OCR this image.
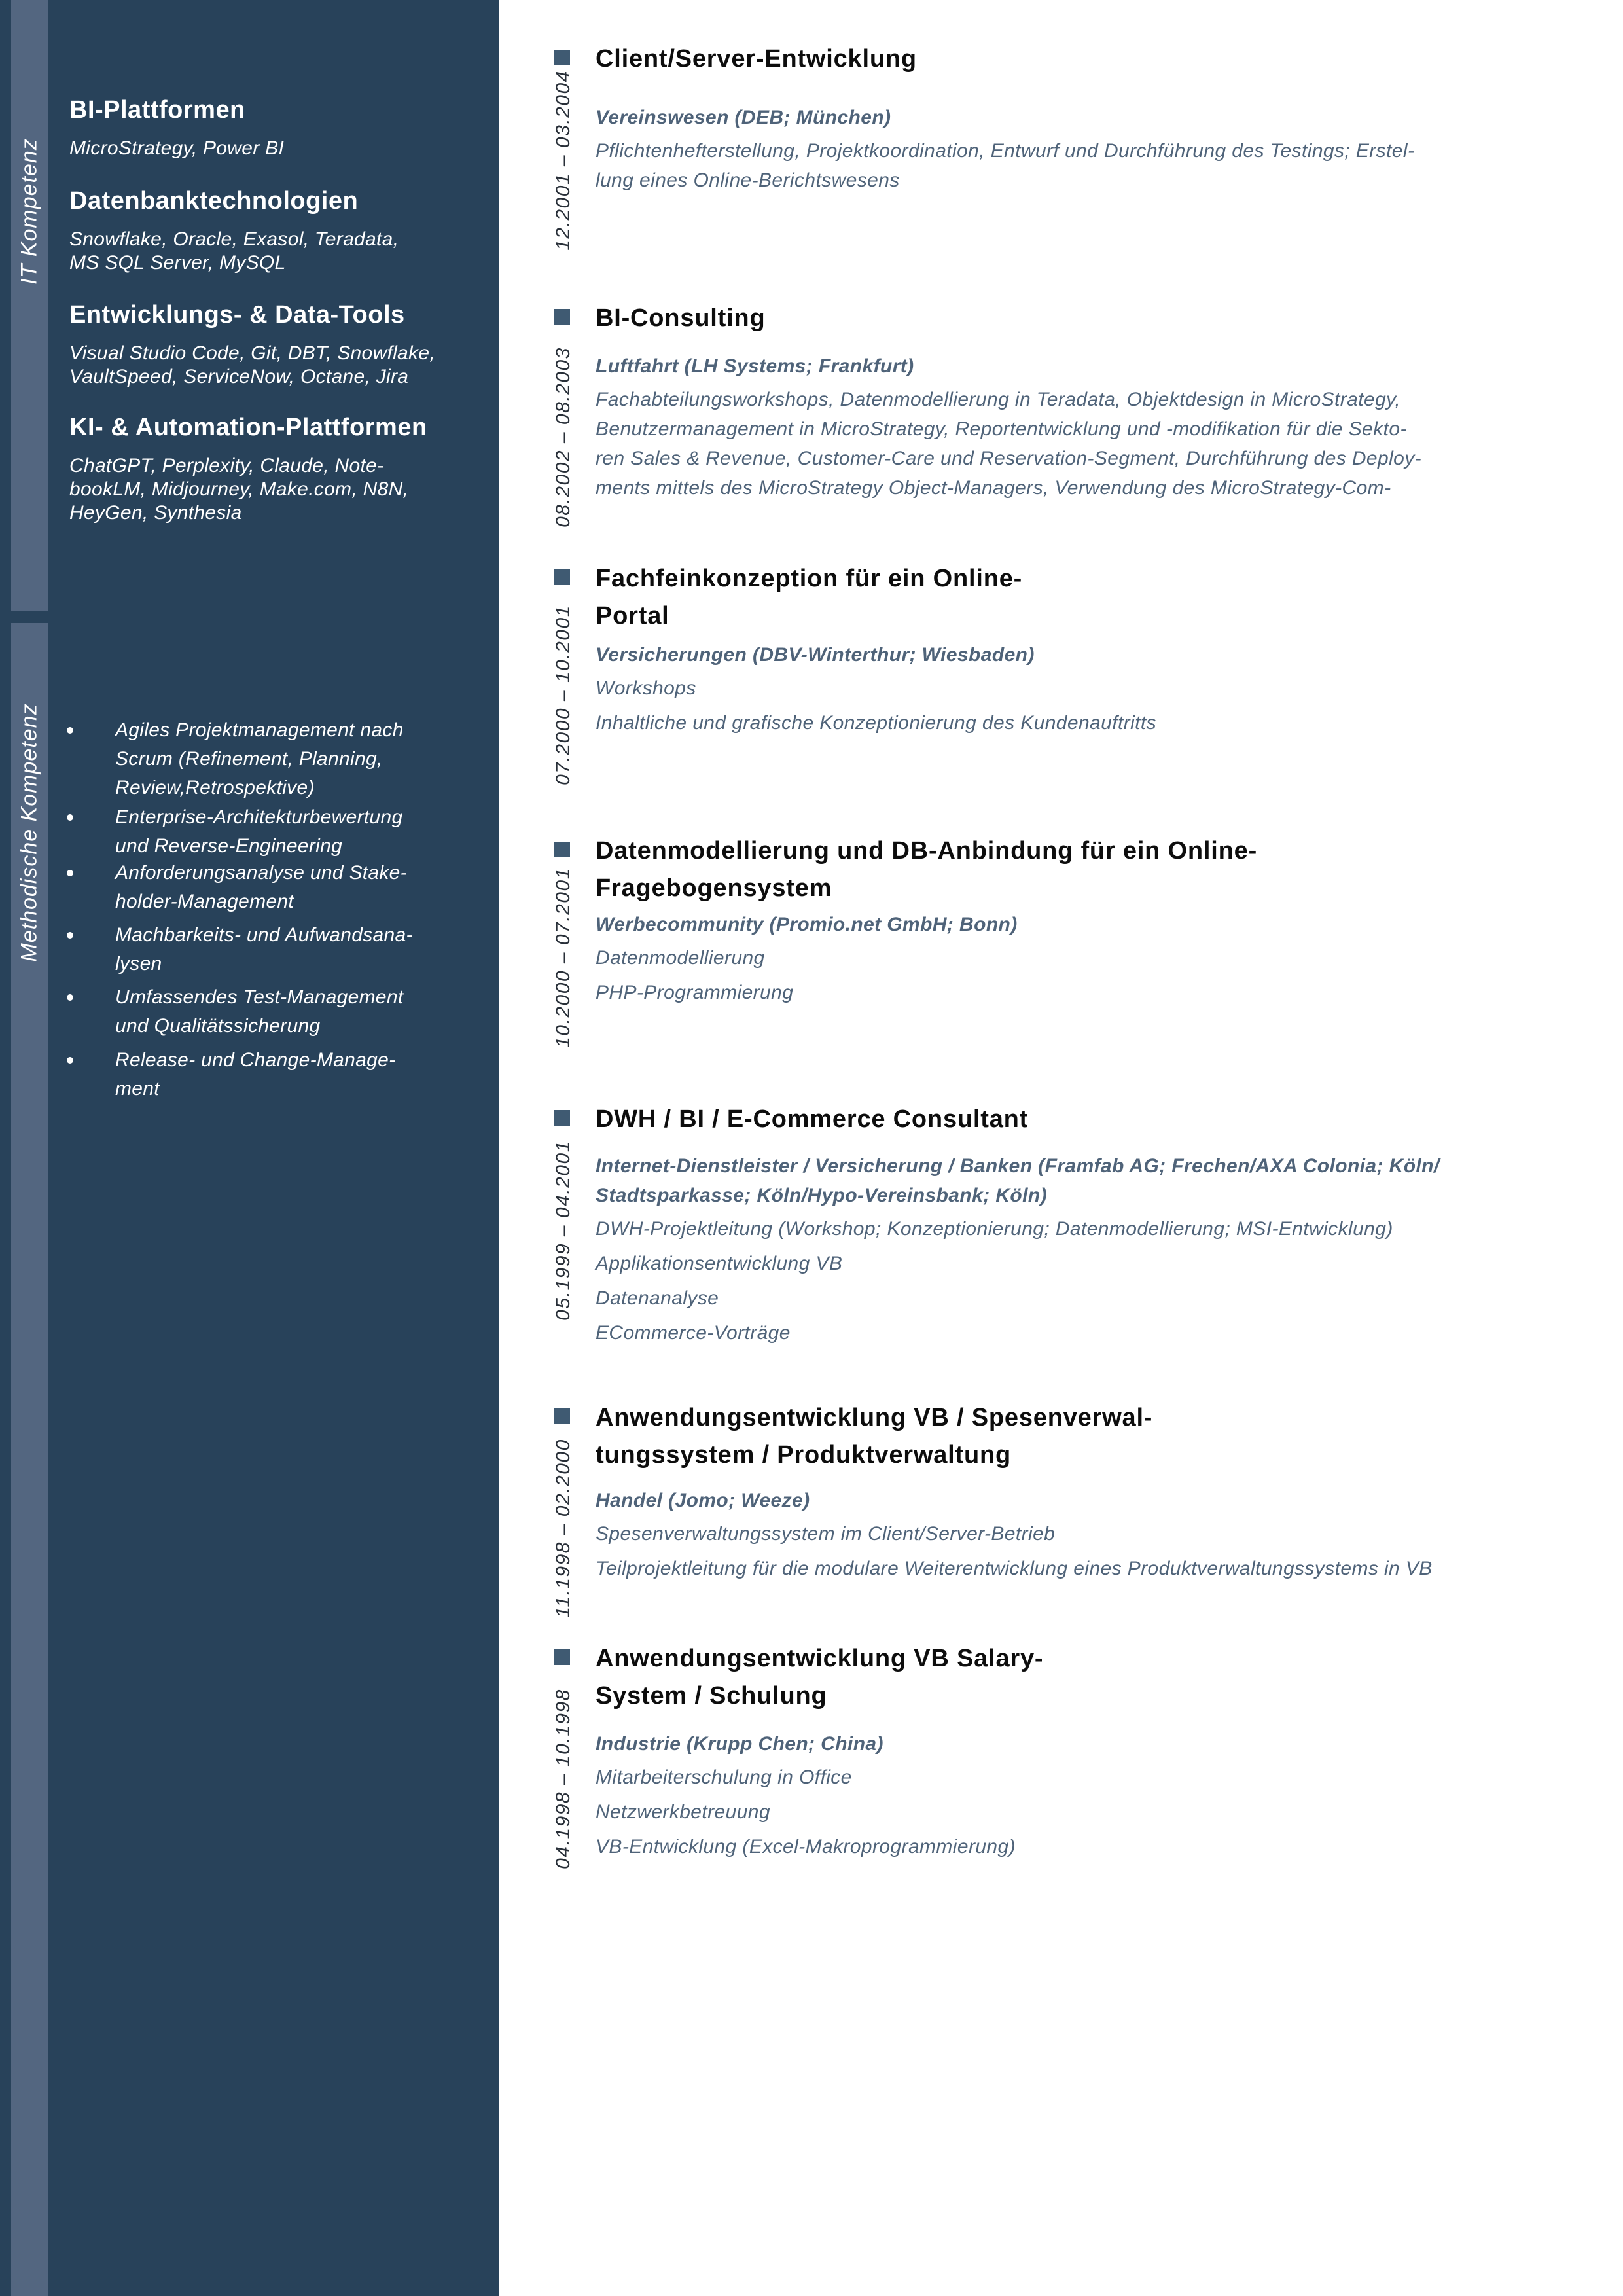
IT Kompetenz
Methodische Kompetenz
BI-Plattformen
MicroStrategy, Power BI
Datenbanktechnologien
Snowflake, Oracle, Exasol, Teradata,
MS SQL Server, MySQL
Entwicklungs- & Data-Tools
Visual Studio Code, Git, DBT, Snowflake,
VaultSpeed, ServiceNow, Octane, Jira
KI- & Automation-Plattformen
ChatGPT, Perplexity, Claude, Note-
bookLM, Midjourney, Make.com, N8N,
HeyGen, Synthesia
Agiles Projektmanagement nach
Scrum (Refinement, Planning,
Review,Retrospektive)
Enterprise-Architekturbewertung
und Reverse-Engineering
Anforderungsanalyse und Stake-
holder-Management
Machbarkeits- und Aufwandsana-
lysen
Umfassendes Test-Management
und Qualitätssicherung
Release- und Change-Manage-
ment
Client/Server-Entwicklung
Vereinswesen (DEB; München)
Pflichtenhefterstellung, Projektkoordination, Entwurf und Durchführung des Testings; Erstel-
lung eines Online-Berichtswesens
BI-Consulting
Luftfahrt (LH Systems; Frankfurt)
Fachabteilungsworkshops, Datenmodellierung in Teradata, Objektdesign in MicroStrategy,
Benutzermanagement in MicroStrategy, Reportentwicklung und -modifikation für die Sekto-
ren Sales & Revenue, Customer-Care und Reservation-Segment, Durchführung des Deploy-
ments mittels des MicroStrategy Object-Managers, Verwendung des MicroStrategy-Com-
Fachfeinkonzeption für ein Online-
Portal
Versicherungen (DBV-Winterthur; Wiesbaden)
Workshops
Inhaltliche und grafische Konzeptionierung des Kundenauftritts
Datenmodellierung und DB-Anbindung für ein Online-
Fragebogensystem
Werbecommunity (Promio.net GmbH; Bonn)
Datenmodellierung
PHP-Programmierung
DWH / BI / E-Commerce Consultant
Internet-Dienstleister / Versicherung / Banken (Framfab AG; Frechen/AXA Colonia; Köln/
Stadtsparkasse; Köln/Hypo-Vereinsbank; Köln)
DWH-Projektleitung (Workshop; Konzeptionierung; Datenmodellierung; MSI-Entwicklung)
Applikationsentwicklung VB
Datenanalyse
ECommerce-Vorträge
Anwendungsentwicklung VB / Spesenverwal-
tungssystem / Produktverwaltung
Handel (Jomo; Weeze)
Spesenverwaltungssystem im Client/Server-Betrieb
Teilprojektleitung für die modulare Weiterentwicklung eines Produktverwaltungssystems in VB
Anwendungsentwicklung VB Salary-
System / Schulung
Industrie (Krupp Chen; China)
Mitarbeiterschulung in Office
Netzwerkbetreuung
VB-Entwicklung (Excel-Makroprogrammierung)
12.2001 – 03.2004
08.2002 – 08.2003
07.2000 – 10.2001
10.2000 – 07.2001
05.1999 – 04.2001
11.1998 – 02.2000
04.1998 – 10.1998
